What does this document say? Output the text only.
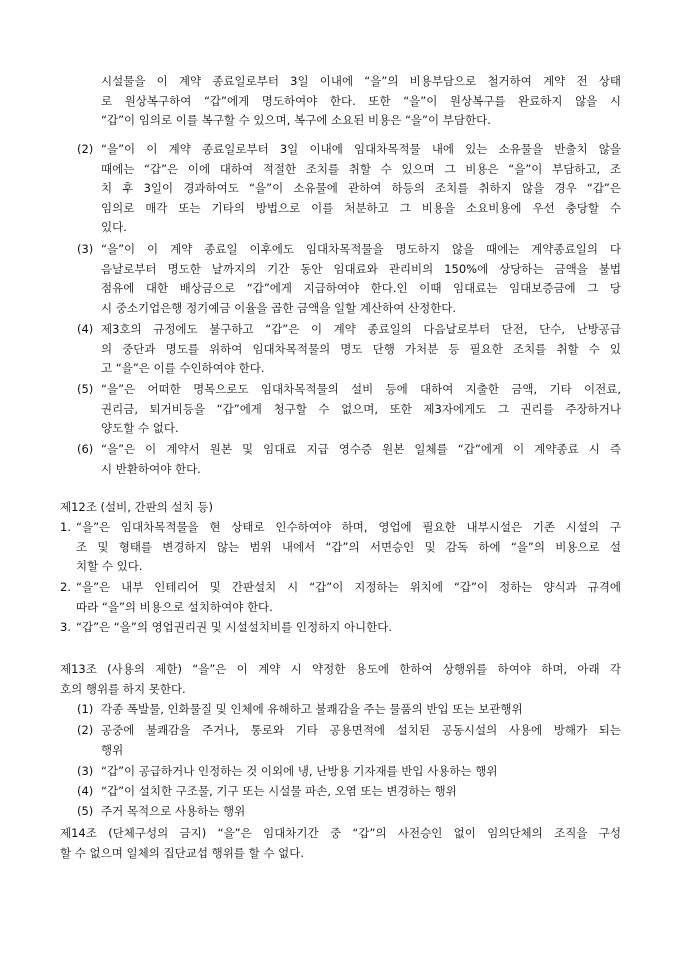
시설물을 이 계약 종료일로부터 3일 이내에 “을”의 비용부담으로 철거하여 계약 전 상태
로 원상복구하여 “갑”에게 명도하여야 한다. 또한 “을”이 원상복구를 완료하지 않을 시
“갑”이 임의로 이를 복구할 수 있으며, 복구에 소요된 비용은 “을”이 부담한다.
(2) “을”이 이 계약 종료일로부터 3일 이내에 임대차목적물 내에 있는 소유물을 반출치 않을
때에는 “갑”은 이에 대하여 적절한 조치를 취할 수 있으며 그 비용은 “을”이 부담하고, 조
치 후 3일이 경과하여도 “을”이 소유물에 관하여 하등의 조치를 취하지 않을 경우 “갑”은
임의로 매각 또는 기타의 방법으로 이를 처분하고 그 비용을 소요비용에 우선 충당할 수
있다.
(3) “을”이 이 계약 종료일 이후에도 임대차목적물을 명도하지 않을 때에는 계약종료일의 다
음날로부터 명도한 날까지의 기간 동안 임대료와 관리비의 150%에 상당하는 금액을 불법
점유에 대한 배상금으로 “갑”에게 지급하여야 한다.인 이때 임대료는 임대보증금에 그 당
시 중소기업은행 정기예금 이율을 곱한 금액을 일할 계산하여 산정한다.
(4) 제3호의 규정에도 불구하고 “갑”은 이 계약 종료일의 다음날로부터 단전, 단수, 난방공급
의 중단과 명도를 위하여 임대차목적물의 명도 단행 가처분 등 필요한 조치를 취할 수 있
고 “을”은 이를 수인하여야 한다.
(5) “을”은 어떠한 명목으로도 임대차목적물의 설비 등에 대하여 지출한 금액, 기타 이전료,
권리금, 퇴거비등을 “갑”에게 청구할 수 없으며, 또한 제3자에게도 그 권리를 주장하거나
양도할 수 없다.
(6) “을”은 이 계약서 원본 및 임대료 지급 영수증 원본 일체를 “갑”에게 이 계약종료 시 즉
시 반환하여야 한다.
제12조 (설비, 간판의 설치 등)
1. “을”은 임대차목적물을 현 상태로 인수하여야 하며, 영업에 필요한 내부시설은 기존 시설의 구
조 및 형태를 변경하지 않는 범위 내에서 “갑”의 서면승인 및 감독 하에 “을”의 비용으로 설
치할 수 있다.
2. “을”은 내부 인테리어 및 간판설치 시 “갑”이 지정하는 위치에 “갑”이 정하는 양식과 규격에
따라 “을”의 비용으로 설치하여야 한다.
3. “갑”은 “을”의 영업권리권 및 시설설치비를 인정하지 아니한다.
제13조 (사용의 제한) “을”은 이 계약 시 약정한 용도에 한하여 상행위를 하여야 하며, 아래 각
호의 행위를 하지 못한다.
(1) 각종 폭발물, 인화물질 및 인체에 유해하고 불쾌감을 주는 물품의 반입 또는 보관행위
(2) 공중에 불쾌감을 주거나, 통로와 기타 공용면적에 설치된 공동시설의 사용에 방해가 되는
행위
(3) “갑”이 공급하거나 인정하는 것 이외에 냉, 난방용 기자재를 반입 사용하는 행위
(4) “갑”이 설치한 구조물, 기구 또는 시설물 파손, 오염 또는 변경하는 행위
(5) 주거 목적으로 사용하는 행위
제14조 (단체구성의 금지) “을”은 임대차기간 중 “갑”의 사전승인 없이 임의단체의 조직을 구성
할 수 없으며 일체의 집단교섭 행위를 할 수 없다.
